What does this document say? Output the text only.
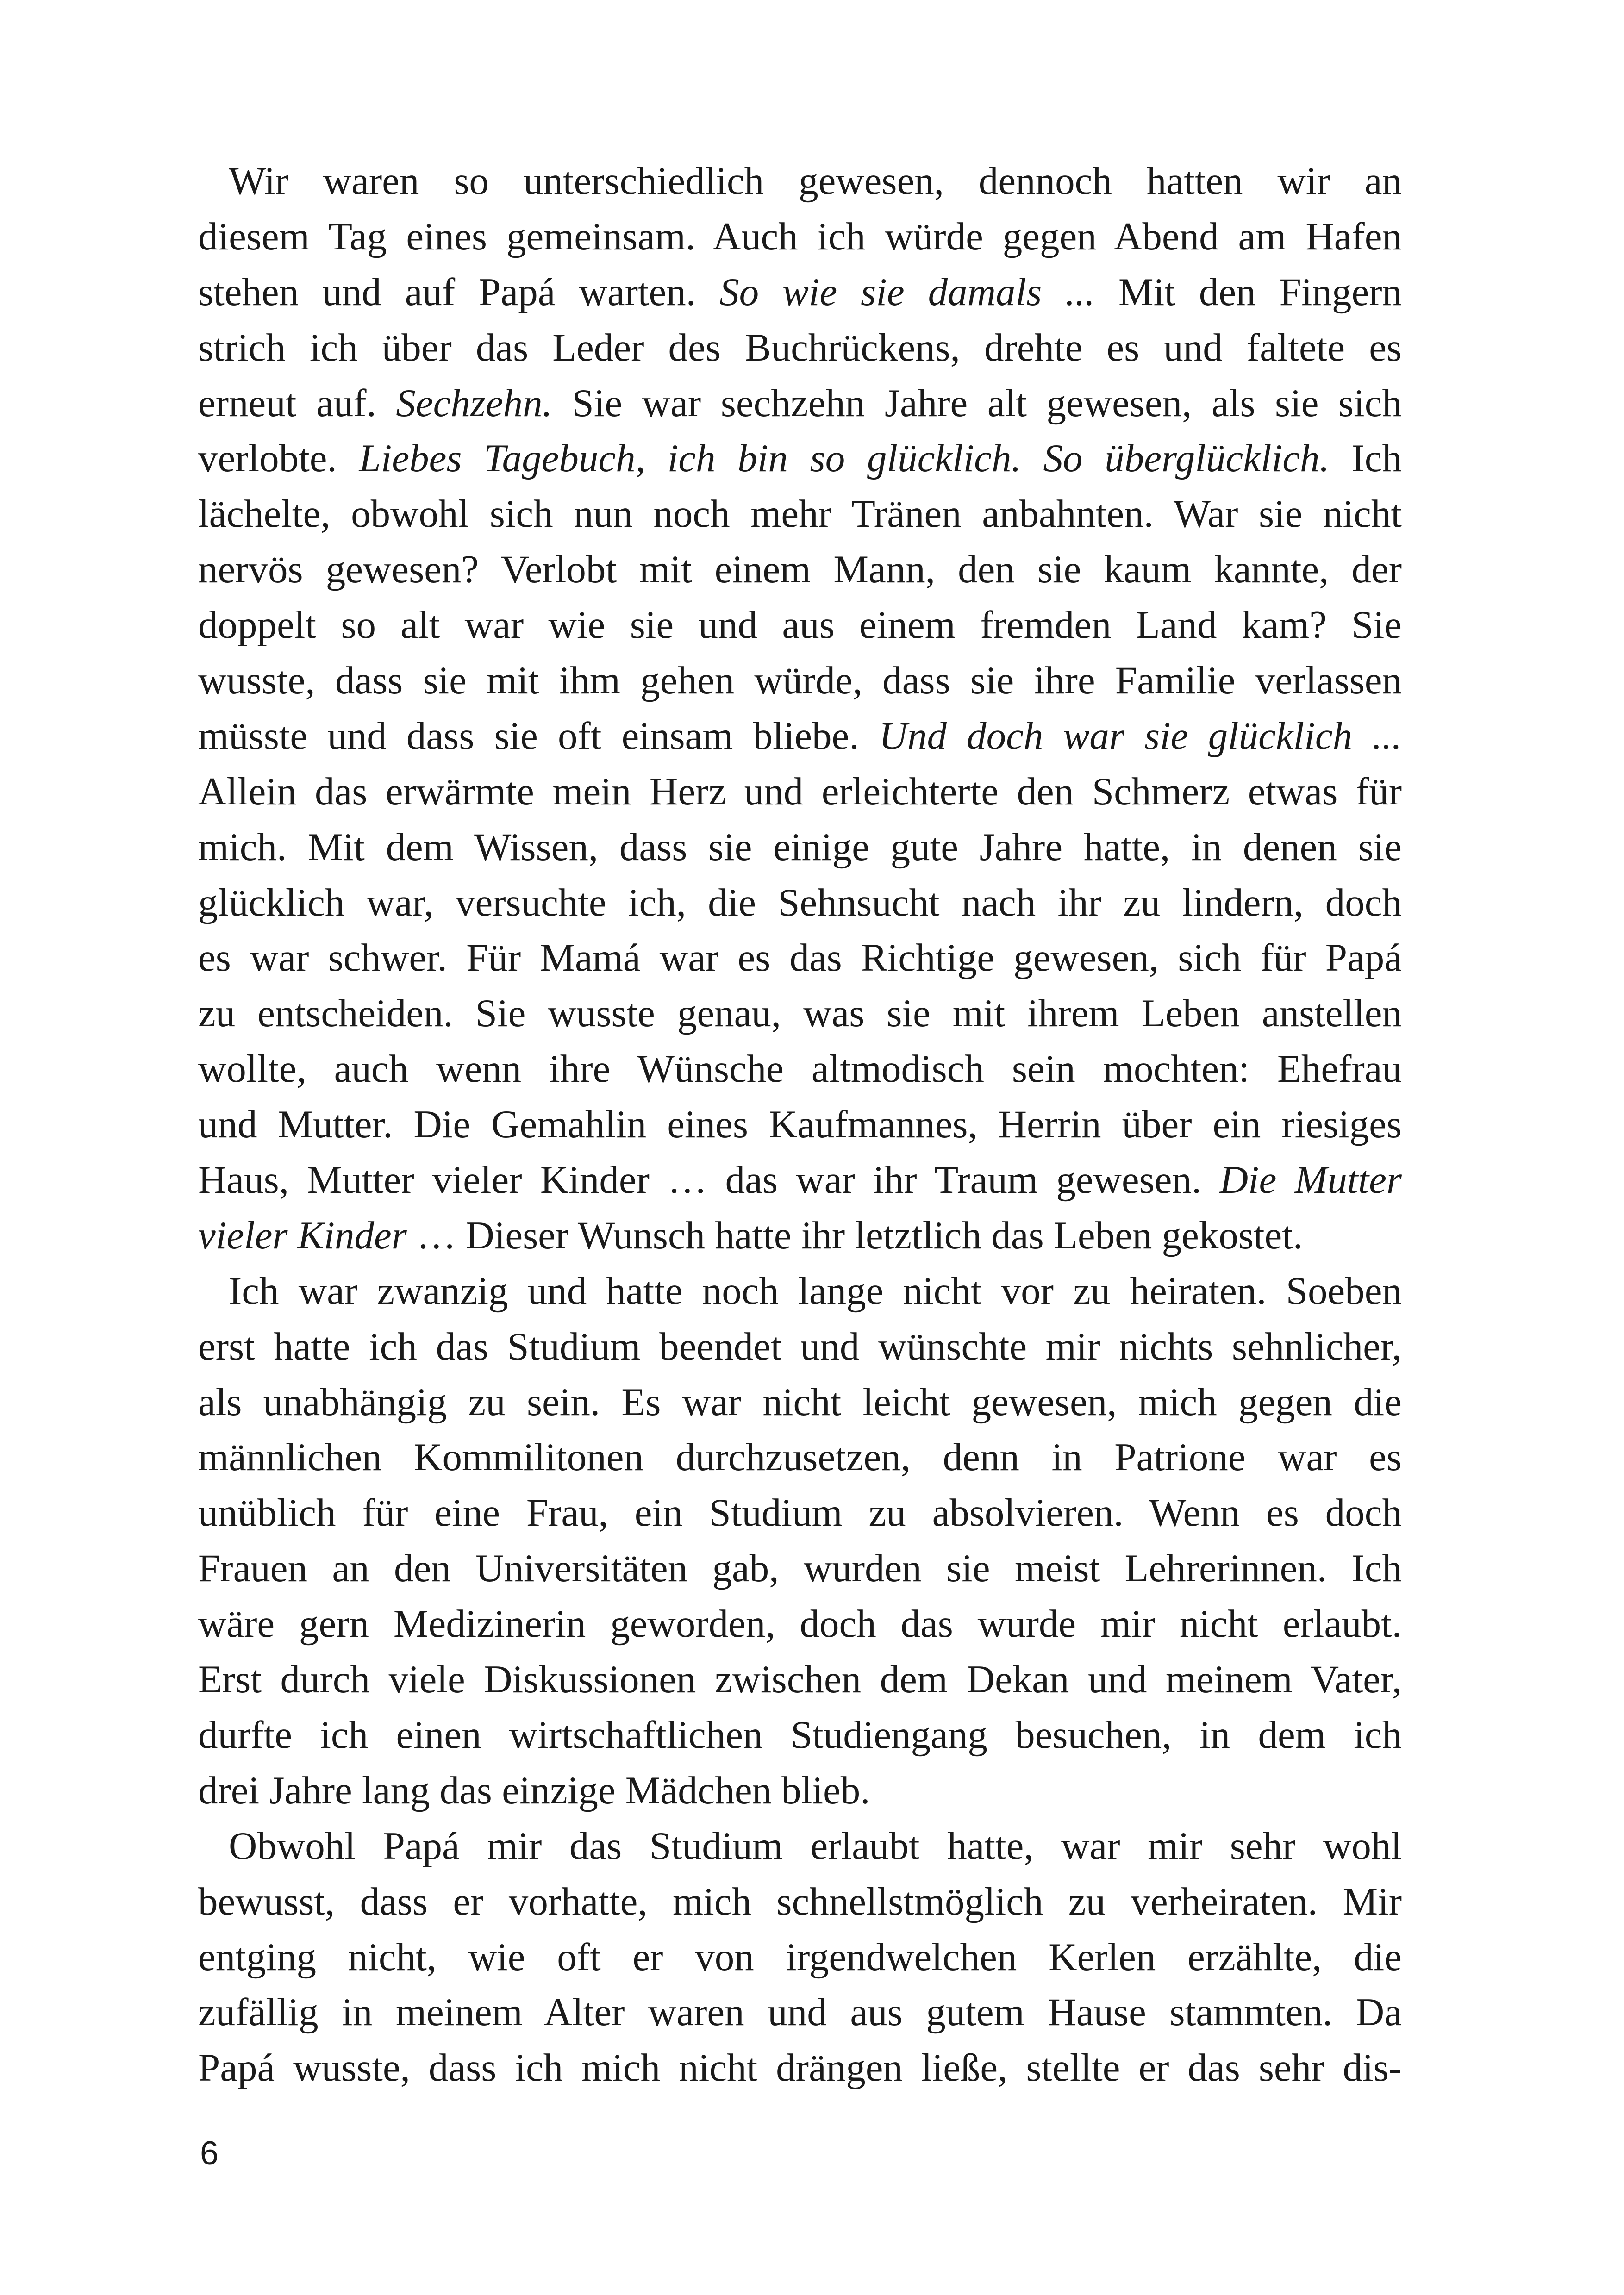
Wir waren so unterschiedlich gewesen, dennoch hatten wir an
diesem Tag eines gemeinsam. Auch ich würde gegen Abend am Hafen
stehen und auf Papá warten. So wie sie damals ... Mit den Fingern
strich ich über das Leder des Buchrückens, drehte es und faltete es
erneut auf. Sechzehn. Sie war sechzehn Jahre alt gewesen, als sie sich
verlobte. Liebes Tagebuch, ich bin so glücklich. So überglücklich. Ich
lächelte, obwohl sich nun noch mehr Tränen anbahnten. War sie nicht
nervös gewesen? Verlobt mit einem Mann, den sie kaum kannte, der
doppelt so alt war wie sie und aus einem fremden Land kam? Sie
wusste, dass sie mit ihm gehen würde, dass sie ihre Familie verlassen
müsste und dass sie oft einsam bliebe. Und doch war sie glücklich ...
Allein das erwärmte mein Herz und erleichterte den Schmerz etwas für
mich. Mit dem Wissen, dass sie einige gute Jahre hatte, in denen sie
glücklich war, versuchte ich, die Sehnsucht nach ihr zu lindern, doch
es war schwer. Für Mamá war es das Richtige gewesen, sich für Papá
zu entscheiden. Sie wusste genau, was sie mit ihrem Leben anstellen
wollte, auch wenn ihre Wünsche altmodisch sein mochten: Ehefrau
und Mutter. Die Gemahlin eines Kaufmannes, Herrin über ein riesiges
Haus, Mutter vieler Kinder … das war ihr Traum gewesen. Die Mutter
vieler Kinder … Dieser Wunsch hatte ihr letztlich das Leben gekostet.
Ich war zwanzig und hatte noch lange nicht vor zu heiraten. Soeben
erst hatte ich das Studium beendet und wünschte mir nichts sehnlicher,
als unabhängig zu sein. Es war nicht leicht gewesen, mich gegen die
männlichen Kommilitonen durchzusetzen, denn in Patrione war es
unüblich für eine Frau, ein Studium zu absolvieren. Wenn es doch
Frauen an den Universitäten gab, wurden sie meist Lehrerinnen. Ich
wäre gern Medizinerin geworden, doch das wurde mir nicht erlaubt.
Erst durch viele Diskussionen zwischen dem Dekan und meinem Vater,
durfte ich einen wirtschaftlichen Studiengang besuchen, in dem ich
drei Jahre lang das einzige Mädchen blieb.
Obwohl Papá mir das Studium erlaubt hatte, war mir sehr wohl
bewusst, dass er vorhatte, mich schnellstmöglich zu verheiraten. Mir
entging nicht, wie oft er von irgendwelchen Kerlen erzählte, die
zufällig in meinem Alter waren und aus gutem Hause stammten. Da
Papá wusste, dass ich mich nicht drängen ließe, stellte er das sehr dis-
6
